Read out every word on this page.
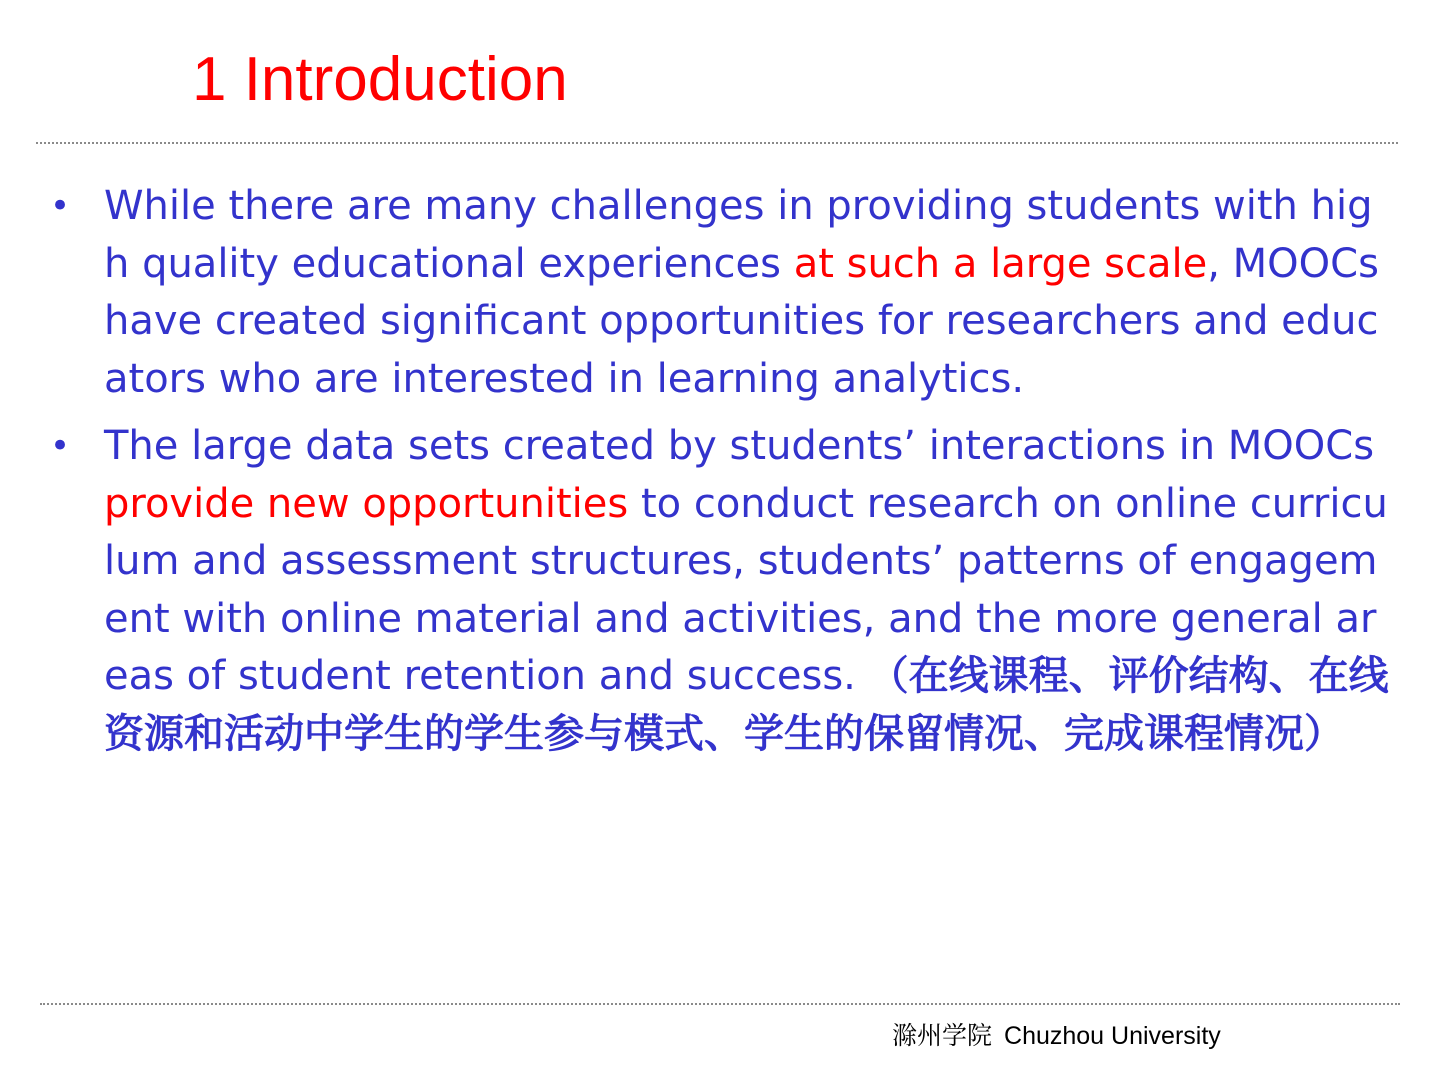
1 Introduction
• While there are many challenges in providing students with high quality educational experiences at such a large scale, MOOCs have created significant opportunities for researchers and educators who are interested in learning analytics.
• The large data sets created by students’ interactions in MOOCs provide new opportunities to conduct research on online curriculum and assessment structures, students’ patterns of engagement with online material and activities, and the more general areas of student retention and success. （在线课程、评价结构、在线资源和活动中学生的学生参与模式、学生的保留情况、完成课程情况）
滁州学院 Chuzhou University
